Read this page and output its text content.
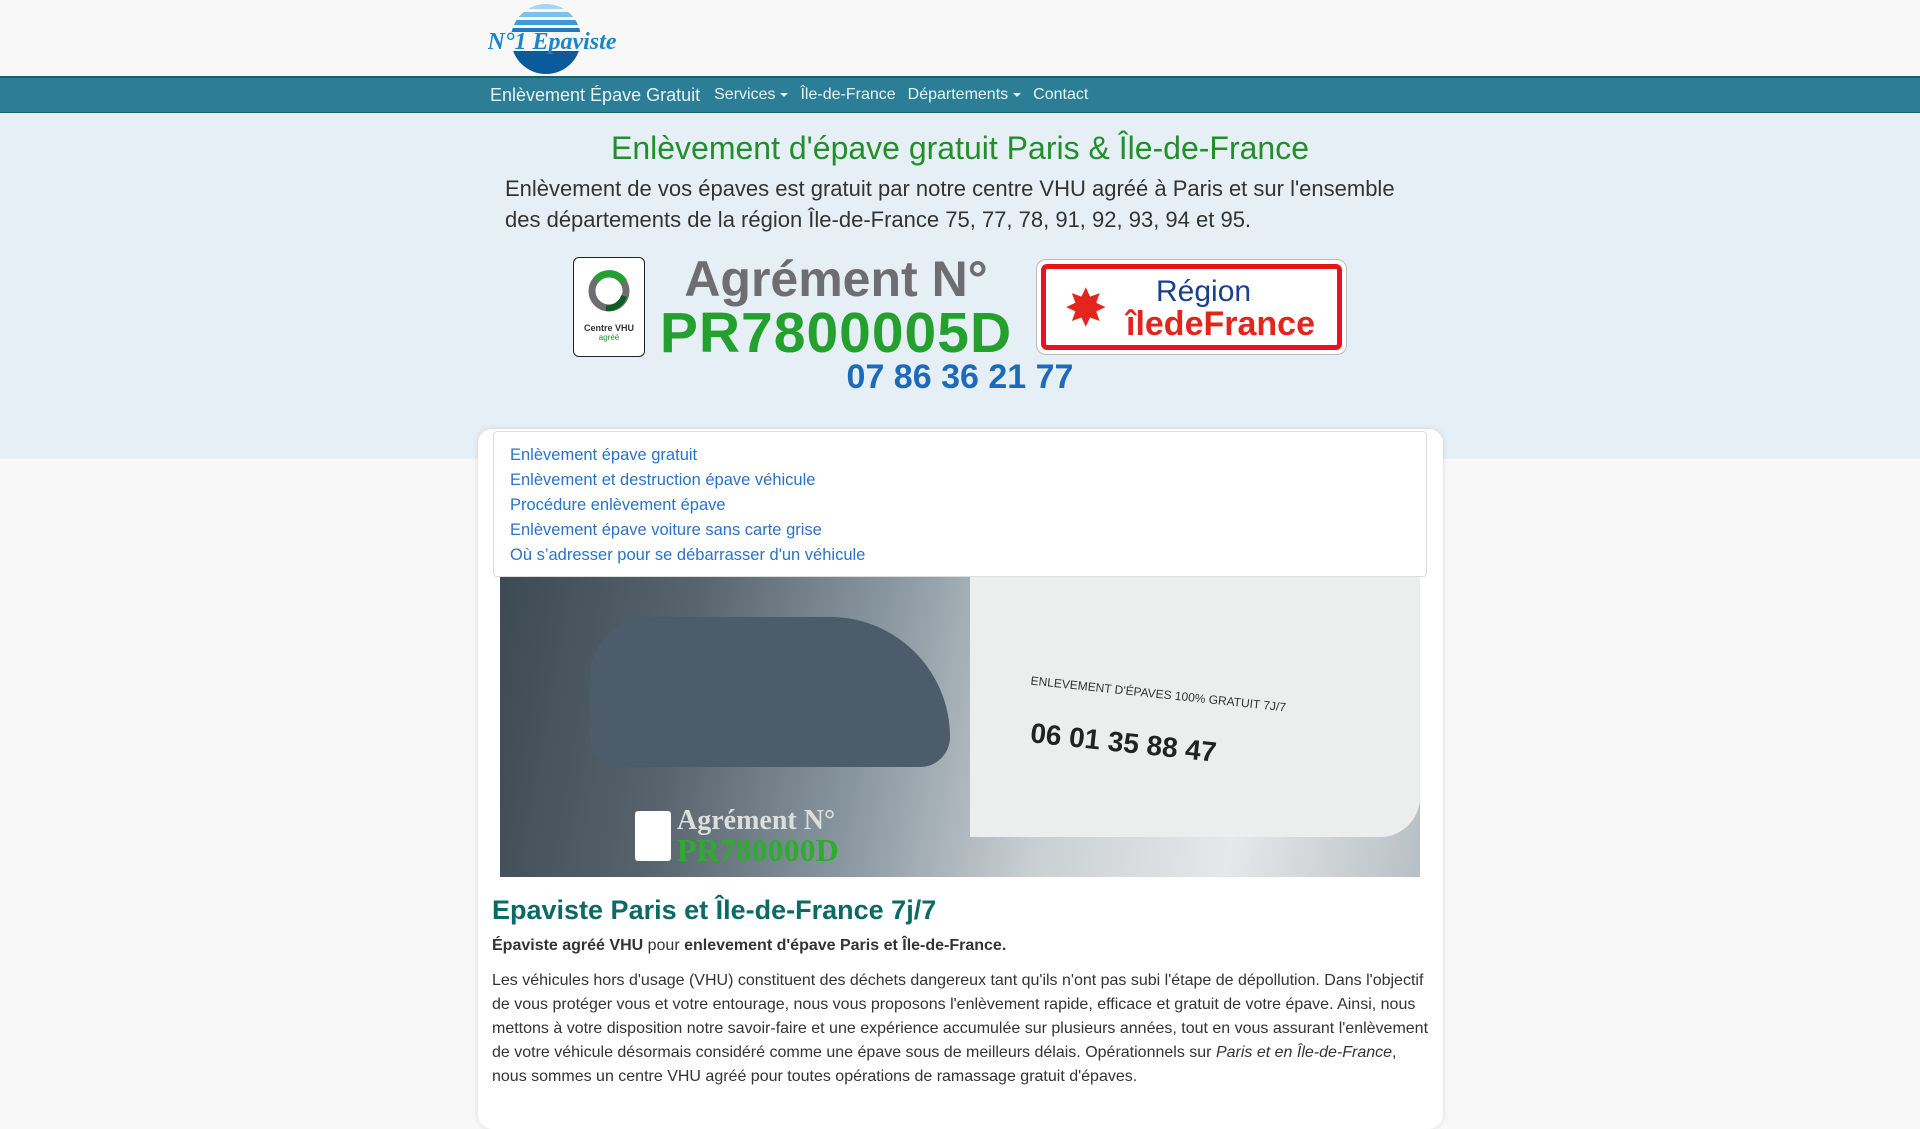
N°1 Epaviste
Enlèvement Épave Gratuit Services Île-de-France Départements Contact
Enlèvement d'épave gratuit Paris & Île-de-France

Enlèvement de vos épaves est gratuit par notre centre VHU agréé à Paris et sur l'ensemble des départements de la région Île-de-France 75, 77, 78, 91, 92, 93, 94 et 95.

Centre VHU
agréé
Agrément N°
PR7800005D ✸ Région
îledeFrance
07 86 36 21 77
Enlèvement épave gratuit
Enlèvement et destruction épave véhicule
Procédure enlèvement épave
Enlèvement épave voiture sans carte grise
Où s’adresser pour se débarrasser d'un véhicule
ENLEVEMENT D'ÉPAVES 100% GRATUIT 7J/7
06 01 35 88 47
Agrément N°
PR780000D
Epaviste Paris et Île-de-France 7j/7

Épaviste agréé VHU pour enlevement d'épave Paris et Île-de-France.

Les véhicules hors d'usage (VHU) constituent des déchets dangereux tant qu'ils n'ont pas subi l'étape de dépollution. Dans l'objectif de vous protéger vous et votre entourage, nous vous proposons l'enlèvement rapide, efficace et gratuit de votre épave. Ainsi, nous mettons à votre disposition notre savoir-faire et une expérience accumulée sur plusieurs années, tout en vous assurant l'enlèvement de votre véhicule désormais considéré comme une épave sous de meilleurs délais. Opérationnels sur Paris et en Île-de-France, nous sommes un centre VHU agréé pour toutes opérations de ramassage gratuit d'épaves.
